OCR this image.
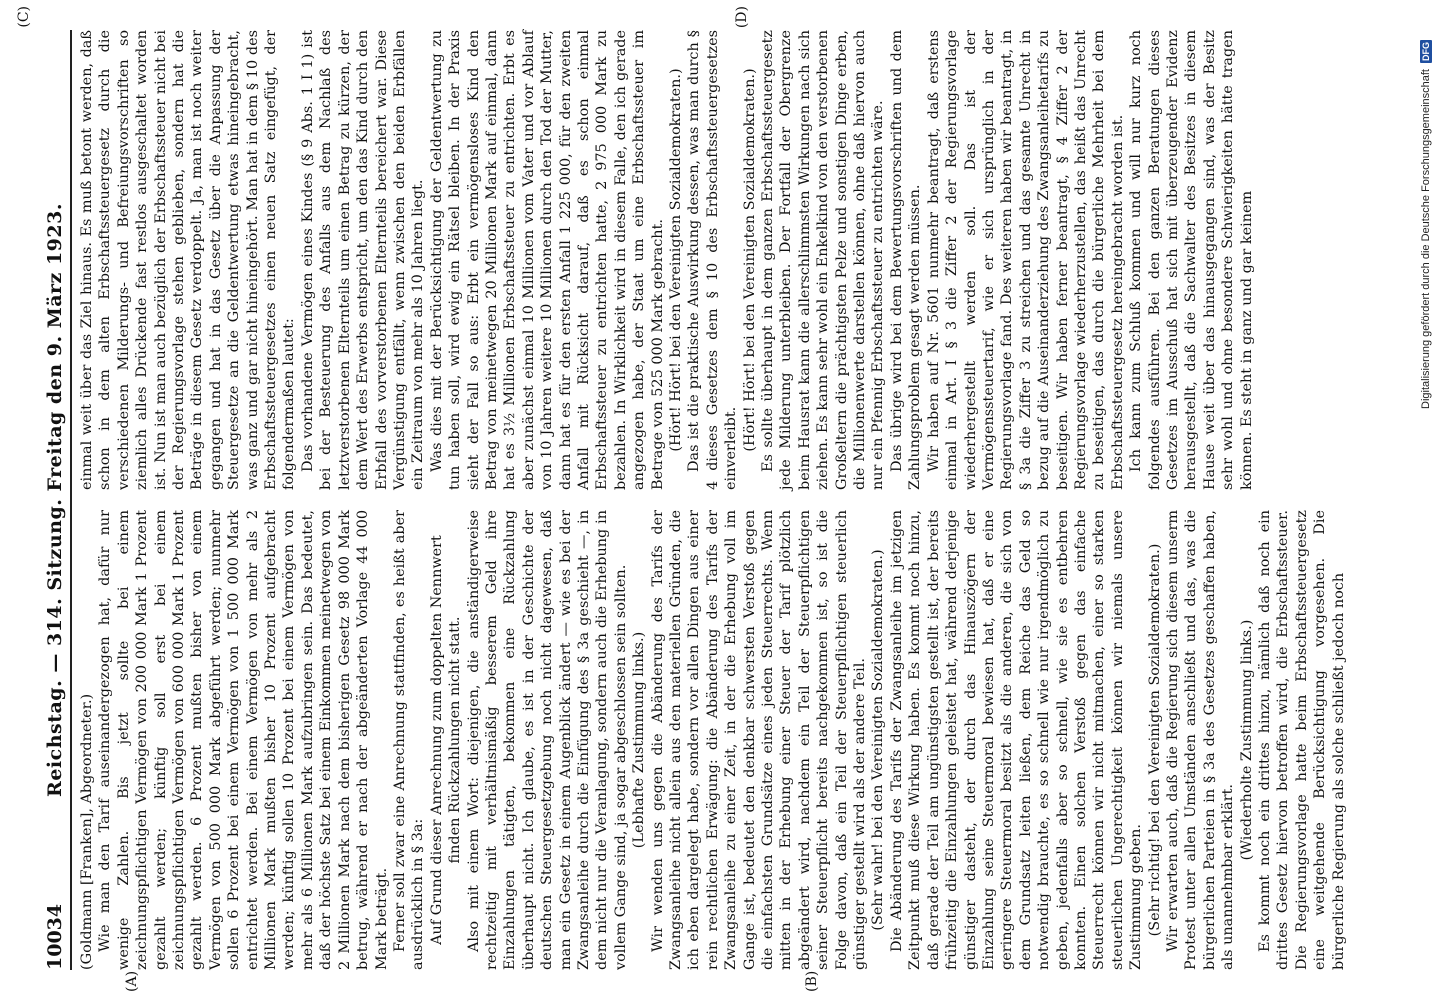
10034
Reichstag. — 314. Sitzung. Freitag den 9. März 1923.

(Goldmann [Franken], Abgeordneter.) Wie man den Tarif auseinandergezogen hat, dafür nur wenige Zahlen. Bis jetzt sollte bei einem zeichnungspflichtigen Vermögen von 200 000 Mark 1 Prozent gezahlt werden; künftig soll erst bei einem zeichnungspflichtigen Vermögen von 600 000 Mark 1 Prozent gezahlt werden. 6 Prozent mußten bisher von einem Vermögen von 500 000 Mark abgeführt werden; nunmehr sollen 6 Prozent bei einem Vermögen von 1 500 000 Mark entrichtet werden. Bei einem Vermögen von mehr als 2 Millionen Mark mußten bisher 10 Prozent aufgebracht werden; künftig sollen 10 Prozent bei einem Vermögen von mehr als 6 Millionen Mark aufzubringen sein. Das bedeutet, daß der höchste Satz bei einem Einkommen meinetwegen von 2 Millionen Mark nach dem bisherigen Gesetz 98 000 Mark betrug, während er nach der abgeänderten Vorlage 44 000 Mark beträgt. Ferner soll zwar eine Anrechnung stattfinden, es heißt aber ausdrücklich in § 3a: Auf Grund dieser Anrechnung zum doppelten Nennwert finden Rückzahlungen nicht statt. Also mit einem Wort: diejenigen, die anständigerweise rechtzeitig mit verhältnismäßig besserem Geld ihre Einzahlungen tätigten, bekommen eine Rückzahlung überhaupt nicht. Ich glaube, es ist in der Geschichte der deutschen Steuergesetzgebung noch nicht dagewesen, daß man ein Gesetz in einem Augenblick ändert — wie es bei der Zwangsanleihe durch die Einfügung des § 3a geschieht —, in dem nicht nur die Veranlagung, sondern auch die Erhebung in vollem Gange sind, ja sogar abgeschlossen sein sollten. (Lebhafte Zustimmung links.) Wir wenden uns gegen die Abänderung des Tarifs der Zwangsanleihe nicht allein aus den materiellen Gründen, die ich eben dargelegt habe, sondern vor allen Dingen aus einer rein rechtlichen Erwägung: die Abänderung des Tarifs der Zwangsanleihe zu einer Zeit, in der die Erhebung voll im Gange ist, bedeutet den denkbar schwersten Verstoß gegen die einfachsten Grundsätze eines jeden Steuerrechts. Wenn mitten in der Erhebung einer Steuer der Tarif plötzlich abgeändert wird, nachdem ein Teil der Steuerpflichtigen seiner Steuerpflicht bereits nachgekommen ist, so ist die Folge davon, daß ein Teil der Steuerpflichtigen steuerlich günstiger gestellt wird als der andere Teil. (Sehr wahr! bei den Vereinigten Sozialdemokraten.) Die Abänderung des Tarifs der Zwangsanleihe im jetzigen Zeitpunkt muß diese Wirkung haben. Es kommt noch hinzu, daß gerade der Teil am ungünstigsten gestellt ist, der bereits frühzeitig die Einzahlungen geleistet hat, während derjenige günstiger dasteht, der durch das Hinauszögern der Einzahlung seine Steuermoral bewiesen hat, daß er eine geringere Steuermoral besitzt als die anderen, die sich von dem Grundsatz leiten ließen, dem Reiche das Geld so notwendig brauchte, es so schnell wie nur irgendmöglich zu geben, jedenfalls aber so schnell, wie sie es entbehren konnten. Einen solchen Verstoß gegen das einfache Steuerrecht können wir nicht mitmachen, einer so starken steuerlichen Ungerechtigkeit können wir niemals unsere Zustimmung geben. (Sehr richtig! bei den Vereinigten Sozialdemokraten.) Wir erwarten auch, daß die Regierung sich diesem unserm Protest unter allen Umständen anschließt und das, was die bürgerlichen Parteien in § 3a des Gesetzes geschaffen haben, als unannehmbar erklärt.

(Wiederholte Zustimmung links.) Es kommt noch ein drittes hinzu, nämlich daß noch ein drittes Gesetz hiervon betroffen wird, die Erbschaftssteuer. Die Regierungsvorlage hatte beim Erbschaftssteuergesetz eine weitgehende Berücksichtigung vorgesehen. Die bürgerliche Regierung als solche schließt jedoch noch

einmal weit über das Ziel hinaus. Es muß betont werden, daß schon in dem alten Erbschaftssteuergesetz durch die verschiedenen Milderungs- und Befreiungsvorschriften so ziemlich alles Drückende fast restlos ausgeschaltet worden ist. Nun ist man auch bezüglich der Erbschaftssteuer nicht bei der Regierungsvorlage stehen geblieben, sondern hat die Beträge in diesem Gesetz verdoppelt. Ja, man ist noch weiter gegangen und hat in das Gesetz über die Anpassung der Steuergesetze an die Geldentwertung etwas hineingebracht, was ganz und gar nicht hineingehört. Man hat in dem § 10 des Erbschaftssteuergesetzes einen neuen Satz eingefügt, der folgendermaßen lautet: Das vorhandene Vermögen eines Kindes (§ 9 Abs. 1 I 1) ist bei der Besteuerung des Anfalls aus dem Nachlaß des letztverstorbenen Elternteils um einen Betrag zu kürzen, der dem Wert des Erwerbs entspricht, um den das Kind durch den Erbfall des vorverstorbenen Elternteils bereichert war. Diese Vergünstigung entfällt, wenn zwischen den beiden Erbfällen ein Zeitraum von mehr als 10 Jahren liegt. Was dies mit der Berücksichtigung der Geldentwertung zu tun haben soll, wird ewig ein Rätsel bleiben. In der Praxis sieht der Fall so aus: Erbt ein vermögensloses Kind den Betrag von meinetwegen 20 Millionen Mark auf einmal, dann hat es 3½ Millionen Erbschaftssteuer zu entrichten. Erbt es aber zunächst einmal 10 Millionen vom Vater und vor Ablauf von 10 Jahren weitere 10 Millionen durch den Tod der Mutter, dann hat es für den ersten Anfall 1 225 000, für den zweiten Anfall mit Rücksicht darauf, daß es schon einmal Erbschaftssteuer zu entrichten hatte, 2 975 000 Mark zu bezahlen. In Wirklichkeit wird in diesem Falle, den ich gerade angezogen habe, der Staat um eine Erbschaftssteuer im Betrage von 525 000 Mark gebracht. (Hört! Hört! bei den Vereinigten Sozialdemokraten.) Das ist die praktische Auswirkung dessen, was man durch § 4 dieses Gesetzes dem § 10 des Erbschaftssteuergesetzes einverleibt. (Hört! Hört! bei den Vereinigten Sozialdemokraten.) Es sollte überhaupt in dem ganzen Erbschaftssteuergesetz jede Milderung unterbleiben. Der Fortfall der Obergrenze beim Hausrat kann die allerschlimmsten Wirkungen nach sich ziehen. Es kann sehr wohl ein Enkelkind von den verstorbenen Großeltern die prächtigsten Pelze und sonstigen Dinge erben, die Millionenwerte darstellen können, ohne daß hiervon auch nur ein Pfennig Erbschaftssteuer zu entrichten wäre. Das übrige wird bei dem Bewertungsvorschriften und dem Zahlungsproblem gesagt werden müssen. Wir haben auf Nr. 5601 nunmehr beantragt, daß erstens einmal in Art. I § 3 die Ziffer 2 der Regierungsvorlage wiederhergestellt werden soll. Das ist der Vermögenssteuertarif, wie er sich ursprünglich in der Regierungsvorlage fand. Des weiteren haben wir beantragt, in § 3a die Ziffer 3 zu streichen und das gesamte Unrecht in bezug auf die Auseinanderziehung des Zwangsanleihetarifs zu beseitigen. Wir haben ferner beantragt, § 4 Ziffer 2 der Regierungsvorlage wiederherzustellen, das heißt das Unrecht zu beseitigen, das durch die bürgerliche Mehrheit bei dem Erbschaftssteuergesetz hereingebracht worden ist. Ich kann zum Schluß kommen und will nur kurz noch folgendes ausführen. Bei den ganzen Beratungen dieses Gesetzes im Ausschuß hat sich mit überzeugender Evidenz herausgestellt, daß die Sachwalter des Besitzes in diesem Hause weit über das hinausgegangen sind, was der Besitz sehr wohl und ohne besondere Schwierigkeiten hätte tragen können. Es steht in ganz und gar keinem

(A)	(B)
(C)	(D)
Digitalisierung gefördert durch die Deutsche Forschungsgemeinschaft
DFG
